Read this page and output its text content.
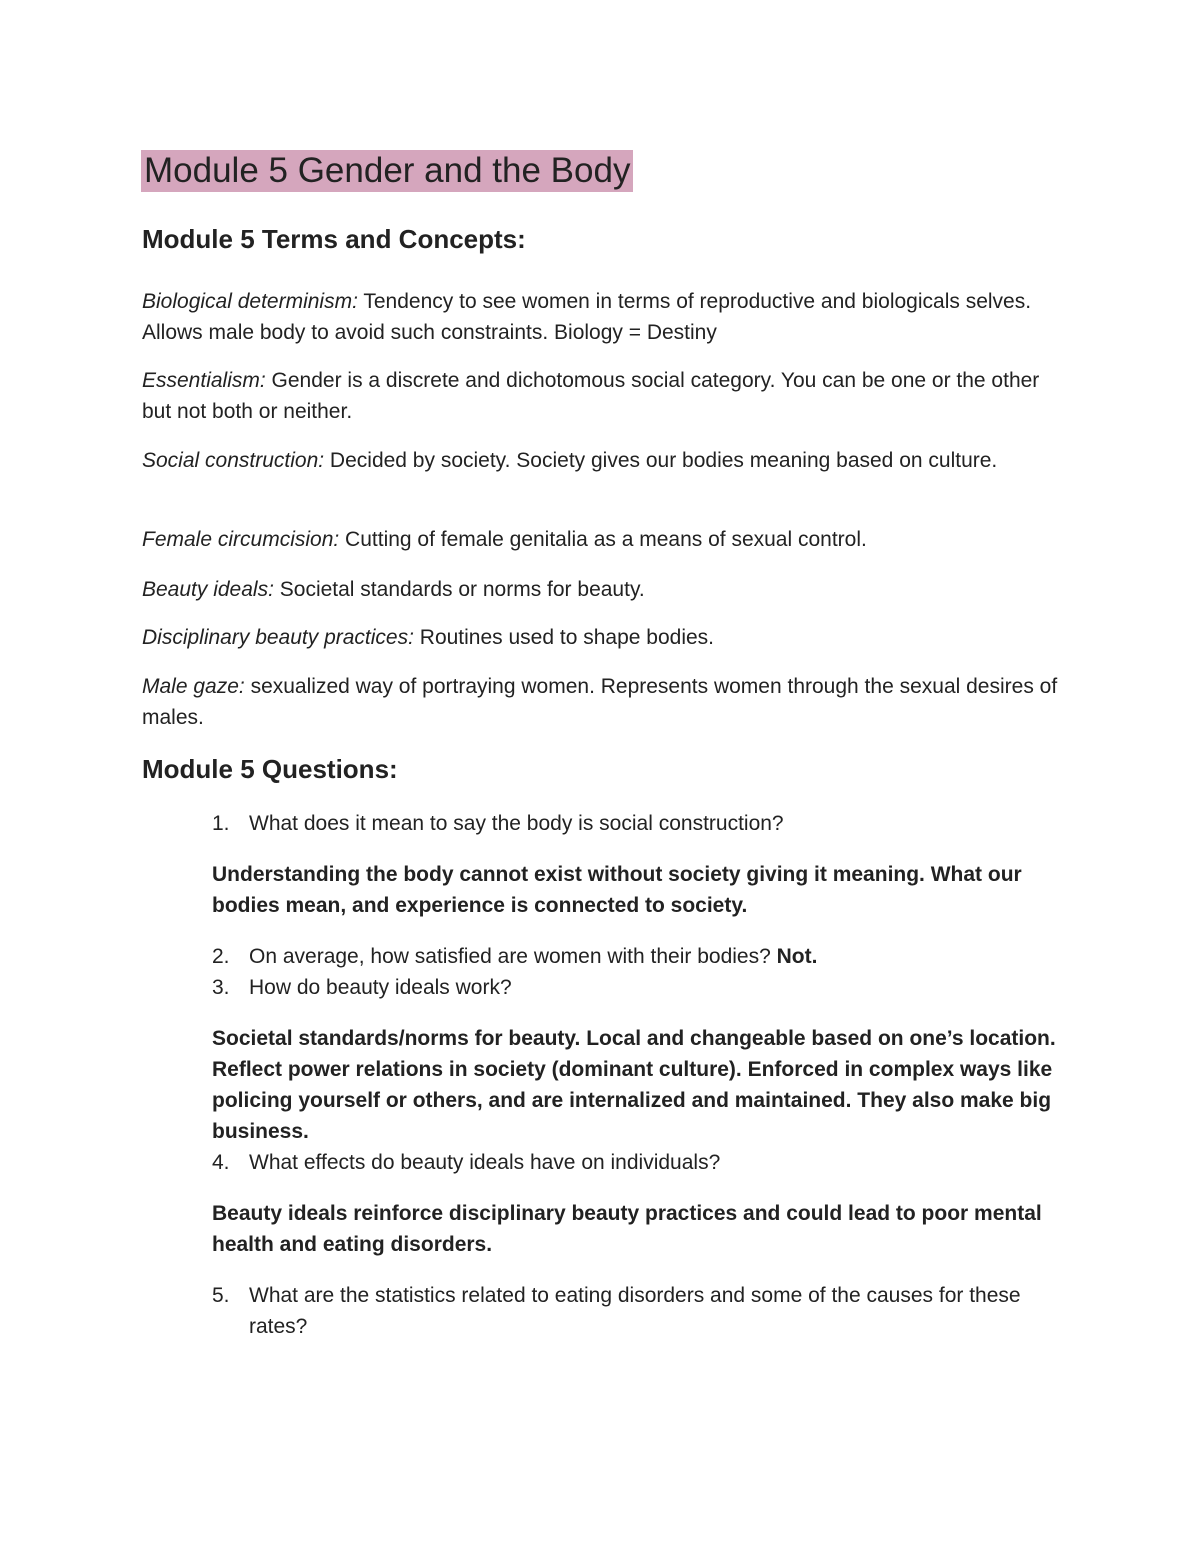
Module 5 Gender and the Body
Module 5 Terms and Concepts:

Biological determinism: Tendency to see women in terms of reproductive and biologicals selves. Allows male body to avoid such constraints. Biology = Destiny

Essentialism: Gender is a discrete and dichotomous social category. You can be one or the other but not both or neither.

Social construction: Decided by society. Society gives our bodies meaning based on culture.

Female circumcision: Cutting of female genitalia as a means of sexual control.

Beauty ideals: Societal standards or norms for beauty.

Disciplinary beauty practices: Routines used to shape bodies.

Male gaze: sexualized way of portraying women. Represents women through the sexual desires of males.

Module 5 Questions:
1. What does it mean to say the body is social construction?

Understanding the body cannot exist without society giving it meaning. What our bodies mean, and experience is connected to society.

2. On average, how satisfied are women with their bodies? Not.
3. How do beauty ideals work?

Societal standards/norms for beauty. Local and changeable based on one’s location. Reflect power relations in society (dominant culture). Enforced in complex ways like policing yourself or others, and are internalized and maintained. They also make big business.

4. What effects do beauty ideals have on individuals?

Beauty ideals reinforce disciplinary beauty practices and could lead to poor mental health and eating disorders.

5. What are the statistics related to eating disorders and some of the causes for these rates?
